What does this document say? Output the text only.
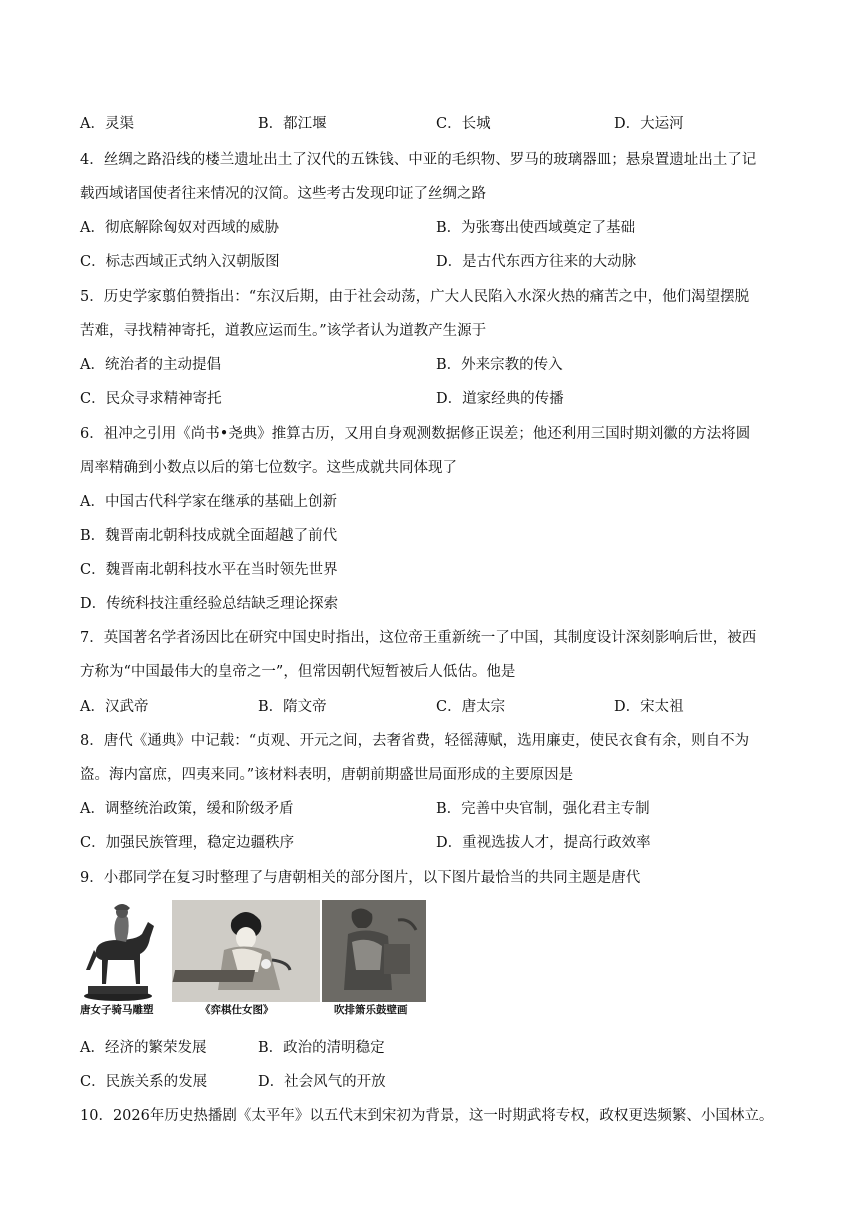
A．灵渠	B．都江堰	C．长城	D．大运河
4．丝绸之路沿线的楼兰遗址出土了汉代的五铢钱、中亚的毛织物、罗马的玻璃器皿；悬泉置遗址出土了记
载西域诸国使者往来情况的汉简。这些考古发现印证了丝绸之路
A．彻底解除匈奴对西域的威胁	B．为张骞出使西域奠定了基础
C．标志西域正式纳入汉朝版图	D．是古代东西方往来的大动脉
5．历史学家翦伯赞指出：“东汉后期，由于社会动荡，广大人民陷入水深火热的痛苦之中，他们渴望摆脱
苦难，寻找精神寄托，道教应运而生。”该学者认为道教产生源于
A．统治者的主动提倡	B．外来宗教的传入
C．民众寻求精神寄托	D．道家经典的传播
6．祖冲之引用《尚书•尧典》推算古历，又用自身观测数据修正误差；他还利用三国时期刘徽的方法将圆
周率精确到小数点以后的第七位数字。这些成就共同体现了
A．中国古代科学家在继承的基础上创新
B．魏晋南北朝科技成就全面超越了前代
C．魏晋南北朝科技水平在当时领先世界
D．传统科技注重经验总结缺乏理论探索
7．英国著名学者汤因比在研究中国史时指出，这位帝王重新统一了中国，其制度设计深刻影响后世，被西
方称为“中国最伟大的皇帝之一”，但常因朝代短暂被后人低估。他是
A．汉武帝	B．隋文帝	C．唐太宗	D．宋太祖
8．唐代《通典》中记载：“贞观、开元之间，去奢省费，轻徭薄赋，选用廉吏，使民衣食有余，则自不为
盗。海内富庶，四夷来同。”该材料表明，唐朝前期盛世局面形成的主要原因是
A．调整统治政策，缓和阶级矛盾	B．完善中央官制，强化君主专制
C．加强民族管理，稳定边疆秩序	D．重视选拔人才，提高行政效率
9．小郡同学在复习时整理了与唐朝相关的部分图片，以下图片最恰当的共同主题是唐代
唐女子骑马雕塑	《弈棋仕女图》	吹排箫乐鼓壁画
A．经济的繁荣发展	B．政治的清明稳定
C．民族关系的发展	D．社会风气的开放
10．2026年历史热播剧《太平年》以五代末到宋初为背景，这一时期武将专权，政权更迭频繁、小国林立。
